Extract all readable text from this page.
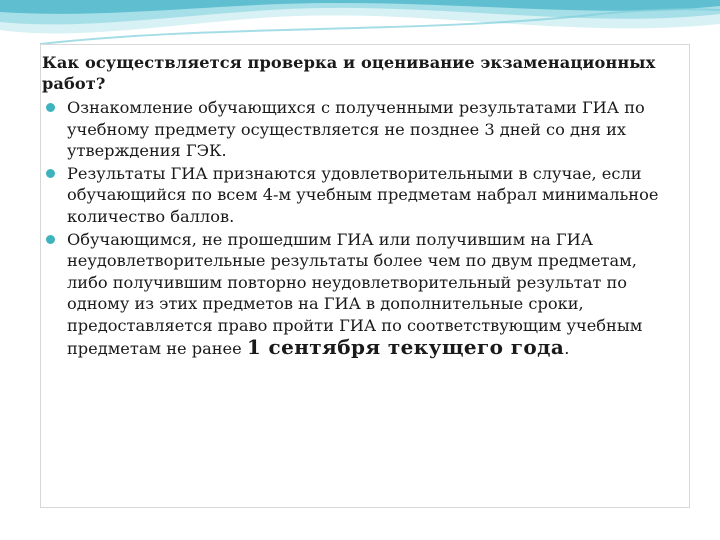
Как осуществляется проверка и оценивание экзаменационных работ?

Ознакомление обучающихся с полученными результатами ГИА по учебному предмету осуществляется не позднее 3 дней со дня их утверждения ГЭК.
Результаты ГИА признаются удовлетворительными в случае, если обучающийся по всем 4-м учебным предметам набрал минимальное количество баллов.
Обучающимся, не прошедшим ГИА или получившим на ГИА неудовлетворительные результаты более чем по двум предметам, либо получившим повторно неудовлетворительный результат по одному из этих предметов на ГИА в дополнительные сроки, предоставляется право пройти ГИА по соответствующим учебным предметам не ранее 1 сентября текущего года.
